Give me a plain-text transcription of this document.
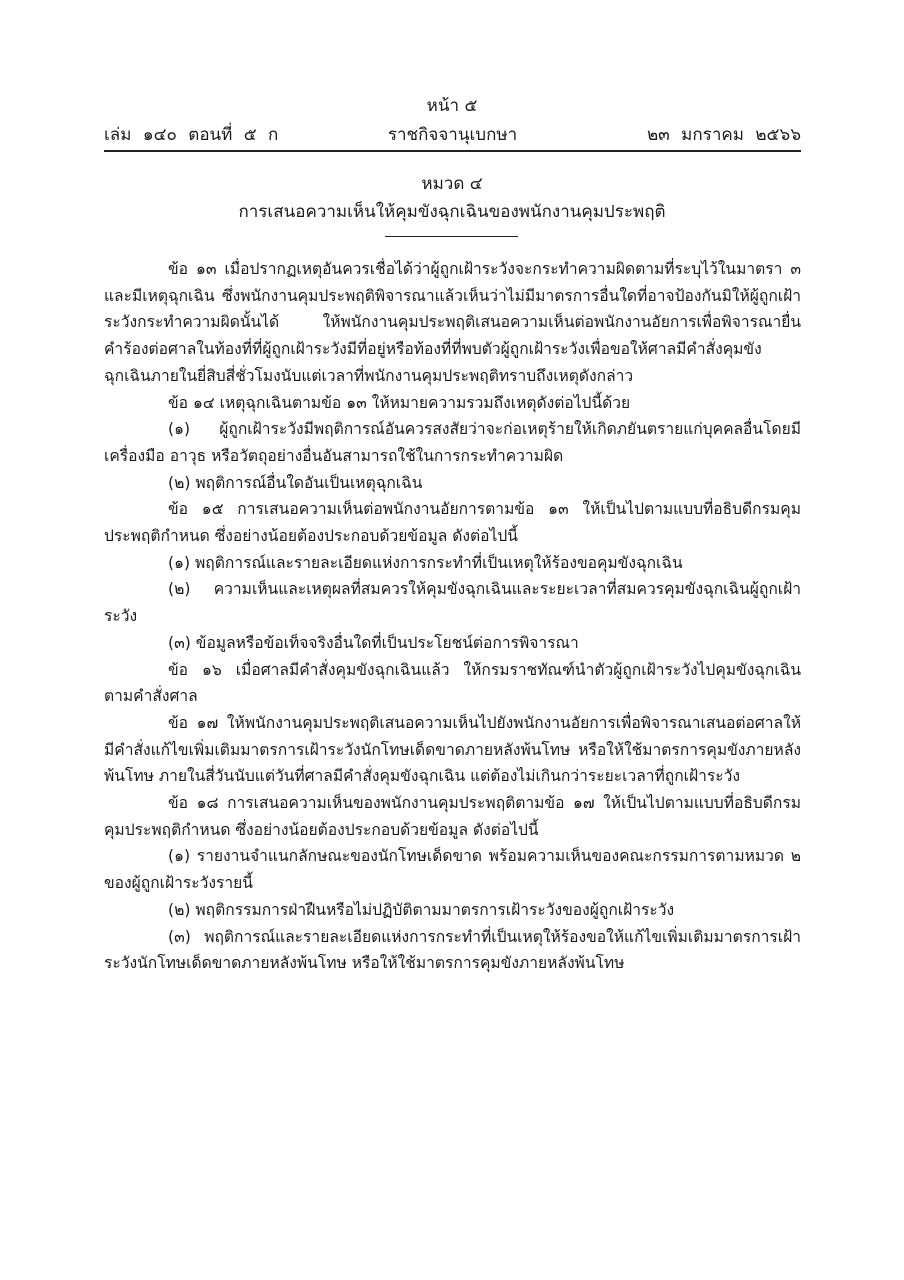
หน้า ๕
เล่ม ๑๔๐ ตอนที่ ๕ ก	ราชกิจจานุเบกษา	๒๓ มกราคม ๒๕๖๖
หมวด ๔
การเสนอความเห็นให้คุมขังฉุกเฉินของพนักงานคุมประพฤติ

ข้อ ๑๓ เมื่อปรากฏเหตุอันควรเชื่อได้ว่าผู้ถูกเฝ้าระวังจะกระทำความผิดตามที่ระบุไว้ในมาตรา ๓ และมีเหตุฉุกเฉิน ซึ่งพนักงานคุมประพฤติพิจารณาแล้วเห็นว่าไม่มีมาตรการอื่นใดที่อาจป้องกันมิให้ผู้ถูกเฝ้าระวังกระทำความผิดนั้นได้ ให้พนักงานคุมประพฤติเสนอความเห็นต่อพนักงานอัยการเพื่อพิจารณายื่นคำร้องต่อศาลในท้องที่ที่ผู้ถูกเฝ้าระวังมีที่อยู่หรือท้องที่ที่พบตัวผู้ถูกเฝ้าระวังเพื่อขอให้ศาลมีคำสั่งคุมขังฉุกเฉินภายในยี่สิบสี่ชั่วโมงนับแต่เวลาที่พนักงานคุมประพฤติทราบถึงเหตุดังกล่าว

ข้อ ๑๔ เหตุฉุกเฉินตามข้อ ๑๓ ให้หมายความรวมถึงเหตุดังต่อไปนี้ด้วย

(๑) ผู้ถูกเฝ้าระวังมีพฤติการณ์อันควรสงสัยว่าจะก่อเหตุร้ายให้เกิดภยันตรายแก่บุคคลอื่นโดยมีเครื่องมือ อาวุธ หรือวัตถุอย่างอื่นอันสามารถใช้ในการกระทำความผิด

(๒) พฤติการณ์อื่นใดอันเป็นเหตุฉุกเฉิน

ข้อ ๑๕ การเสนอความเห็นต่อพนักงานอัยการตามข้อ ๑๓ ให้เป็นไปตามแบบที่อธิบดีกรมคุมประพฤติกำหนด ซึ่งอย่างน้อยต้องประกอบด้วยข้อมูล ดังต่อไปนี้

(๑) พฤติการณ์และรายละเอียดแห่งการกระทำที่เป็นเหตุให้ร้องขอคุมขังฉุกเฉิน

(๒) ความเห็นและเหตุผลที่สมควรให้คุมขังฉุกเฉินและระยะเวลาที่สมควรคุมขังฉุกเฉินผู้ถูกเฝ้าระวัง

(๓) ข้อมูลหรือข้อเท็จจริงอื่นใดที่เป็นประโยชน์ต่อการพิจารณา

ข้อ ๑๖ เมื่อศาลมีคำสั่งคุมขังฉุกเฉินแล้ว ให้กรมราชทัณฑ์นำตัวผู้ถูกเฝ้าระวังไปคุมขังฉุกเฉินตามคำสั่งศาล

ข้อ ๑๗ ให้พนักงานคุมประพฤติเสนอความเห็นไปยังพนักงานอัยการเพื่อพิจารณาเสนอต่อศาลให้มีคำสั่งแก้ไขเพิ่มเติมมาตรการเฝ้าระวังนักโทษเด็ดขาดภายหลังพ้นโทษ หรือให้ใช้มาตรการคุมขังภายหลังพ้นโทษ ภายในสี่วันนับแต่วันที่ศาลมีคำสั่งคุมขังฉุกเฉิน แต่ต้องไม่เกินกว่าระยะเวลาที่ถูกเฝ้าระวัง

ข้อ ๑๘ การเสนอความเห็นของพนักงานคุมประพฤติตามข้อ ๑๗ ให้เป็นไปตามแบบที่อธิบดีกรมคุมประพฤติกำหนด ซึ่งอย่างน้อยต้องประกอบด้วยข้อมูล ดังต่อไปนี้

(๑) รายงานจำแนกลักษณะของนักโทษเด็ดขาด พร้อมความเห็นของคณะกรรมการตามหมวด ๒ ของผู้ถูกเฝ้าระวังรายนี้

(๒) พฤติกรรมการฝ่าฝืนหรือไม่ปฏิบัติตามมาตรการเฝ้าระวังของผู้ถูกเฝ้าระวัง

(๓) พฤติการณ์และรายละเอียดแห่งการกระทำที่เป็นเหตุให้ร้องขอให้แก้ไขเพิ่มเติมมาตรการเฝ้าระวังนักโทษเด็ดขาดภายหลังพ้นโทษ หรือให้ใช้มาตรการคุมขังภายหลังพ้นโทษ
